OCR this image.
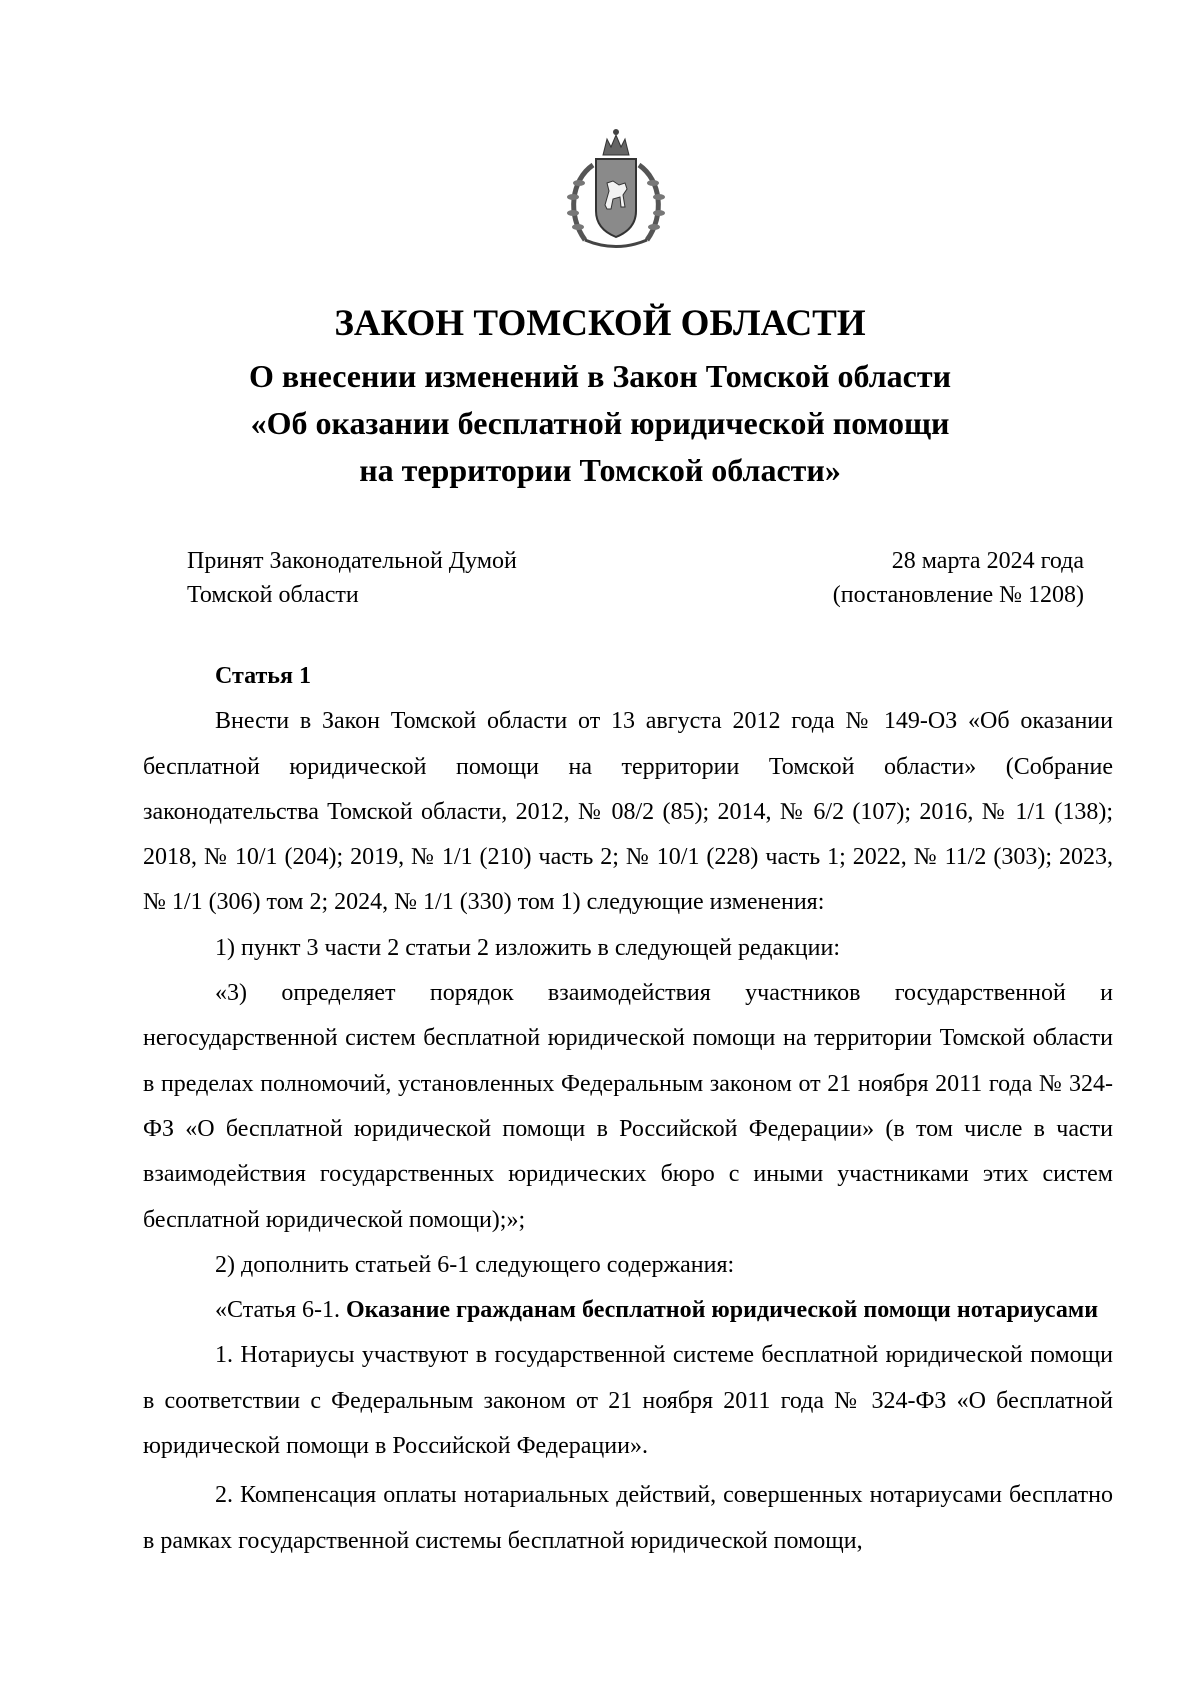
ЗАКОН ТОМСКОЙ ОБЛАСТИ

О внесении изменений в Закон Томской области

«Об оказании бесплатной юридической помощи

на территории Томской области»

Принят Законодательной Думой
Томской области
28 марта 2024 года
(постановление № 1208)

Статья 1

Внести в Закон Томской области от 13 августа 2012 года № 149-ОЗ «Об оказании бесплатной юридической помощи на территории Томской области» (Собрание законодательства Томской области, 2012, № 08/2 (85); 2014, № 6/2 (107); 2016, № 1/1 (138); 2018, № 10/1 (204); 2019, № 1/1 (210) часть 2; № 10/1 (228) часть 1; 2022, № 11/2 (303); 2023, № 1/1 (306) том 2; 2024, № 1/1 (330) том 1) следующие изменения:

1) пункт 3 части 2 статьи 2 изложить в следующей редакции:

«3) определяет порядок взаимодействия участников государственной и негосударственной систем бесплатной юридической помощи на территории Томской области в пределах полномочий, установленных Федеральным законом от 21 ноября 2011 года № 324-ФЗ «О бесплатной юридической помощи в Российской Федерации» (в том числе в части взаимодействия государственных юридических бюро с иными участниками этих систем бесплатной юридической помощи);»;

2) дополнить статьей 6-1 следующего содержания:

«Статья 6-1. Оказание гражданам бесплатной юридической помощи нотариусами

1. Нотариусы участвуют в государственной системе бесплатной юридической помощи в соответствии с Федеральным законом от 21 ноября 2011 года № 324-ФЗ «О бесплатной юридической помощи в Российской Федерации».

2. Компенсация оплаты нотариальных действий, совершенных нотариусами бесплатно в рамках государственной системы бесплатной юридической помощи,
